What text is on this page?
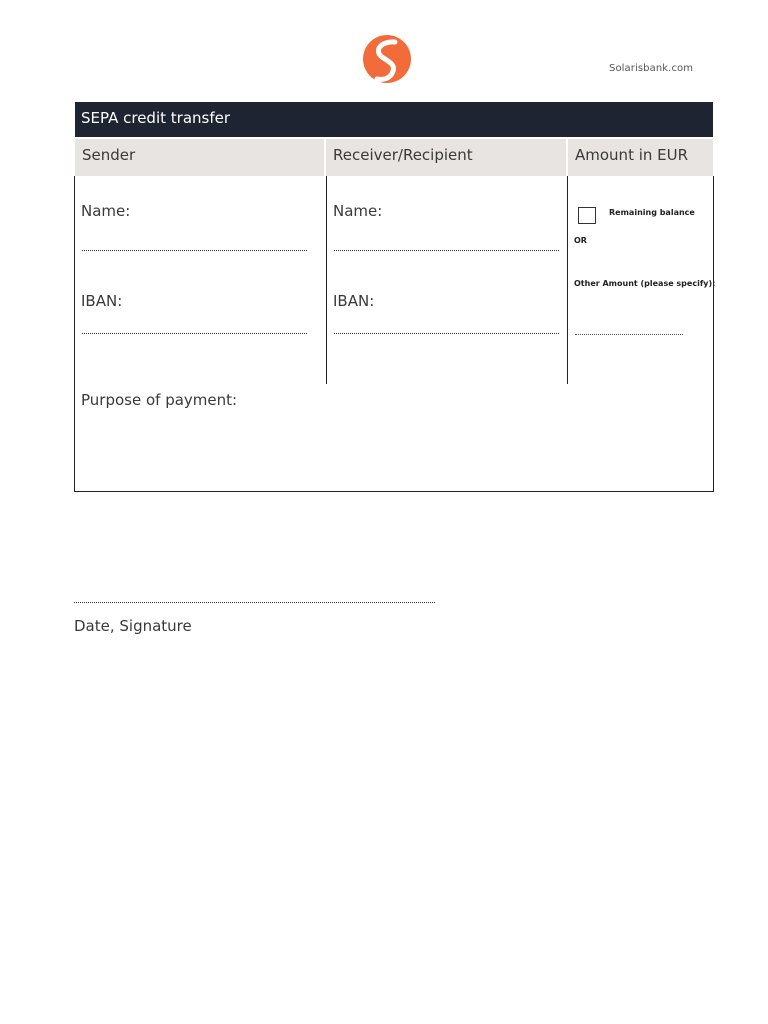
Solarisbank.com
SEPA credit transfer
Sender	Receiver/Recipient	Amount in EUR
Name:
IBAN:
Name:
IBAN:
Remaining balance
OR
Other Amount (please specify):
Purpose of payment:
Date, Signature
